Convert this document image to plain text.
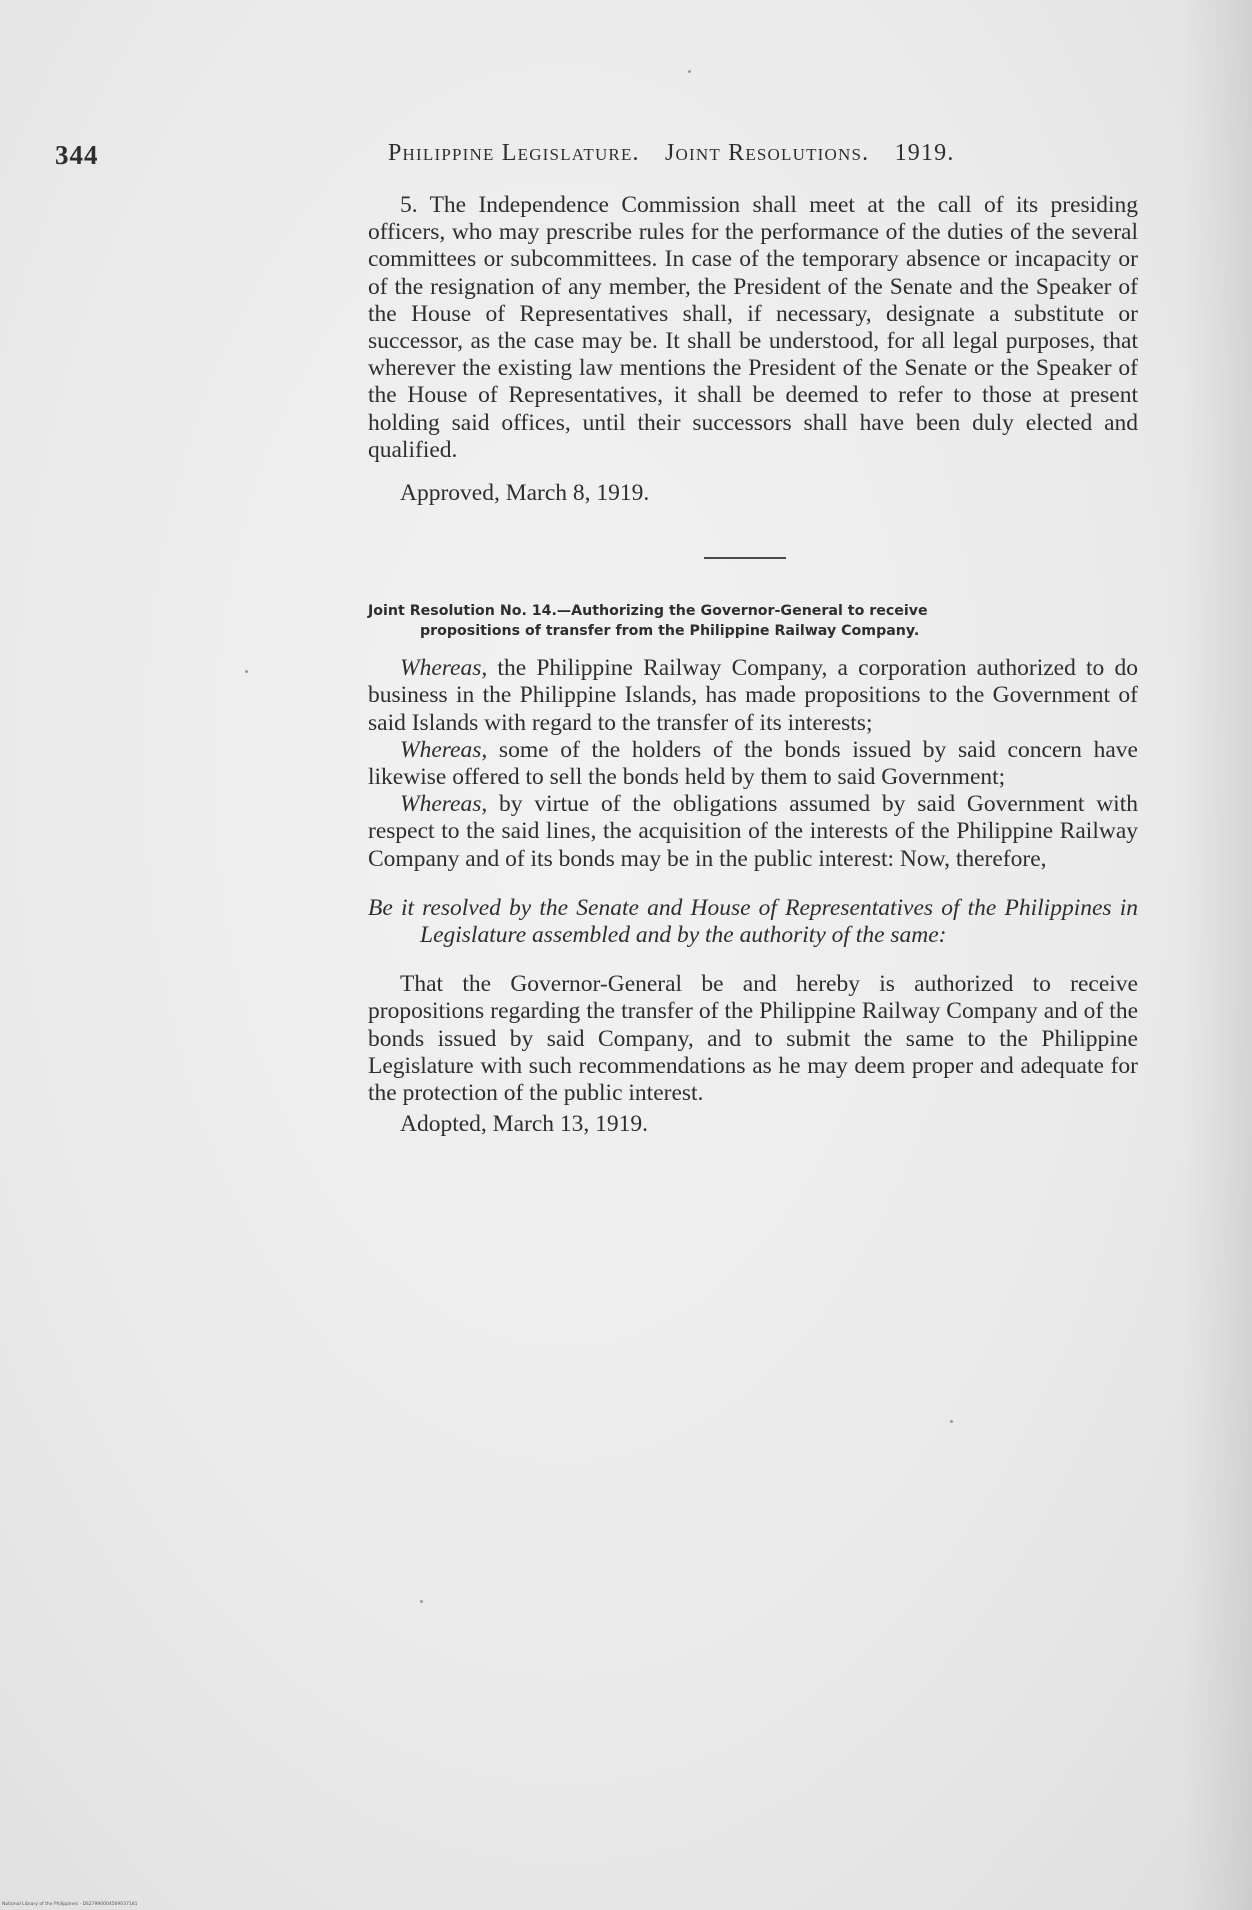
344	Philippine Legislature. Joint Resolutions. 1919.

5. The Independence Commission shall meet at the call of its presiding officers, who may prescribe rules for the performance of the duties of the several committees or subcommittees. In case of the temporary absence or incapacity or of the resignation of any member, the President of the Senate and the Speaker of the House of Representatives shall, if necessary, designate a substitute or successor, as the case may be. It shall be understood, for all legal purposes, that wherever the existing law mentions the President of the Senate or the Speaker of the House of Representatives, it shall be deemed to refer to those at present holding said offices, until their successors shall have been duly elected and qualified.

Approved, March 8, 1919.

Joint Resolution No. 14.—Authorizing the Governor-General to receive
propositions of transfer from the Philippine Railway Company.

Whereas, the Philippine Railway Company, a corporation authorized to do business in the Philippine Islands, has made propositions to the Government of said Islands with regard to the transfer of its interests;

Whereas, some of the holders of the bonds issued by said concern have likewise offered to sell the bonds held by them to said Government;

Whereas, by virtue of the obligations assumed by said Government with respect to the said lines, the acquisition of the interests of the Philippine Railway Company and of its bonds may be in the public interest: Now, therefore,

Be it resolved by the Senate and House of Representatives of the Philippines in Legislature assembled and by the authority of the same:

That the Governor-General be and hereby is authorized to receive propositions regarding the transfer of the Philippine Railway Company and of the bonds issued by said Company, and to submit the same to the Philippine Legislature with such recommendations as he may deem proper and adequate for the protection of the public interest.

Adopted, March 13, 1919.

National Library of the Philippines · DS27990004569037181
